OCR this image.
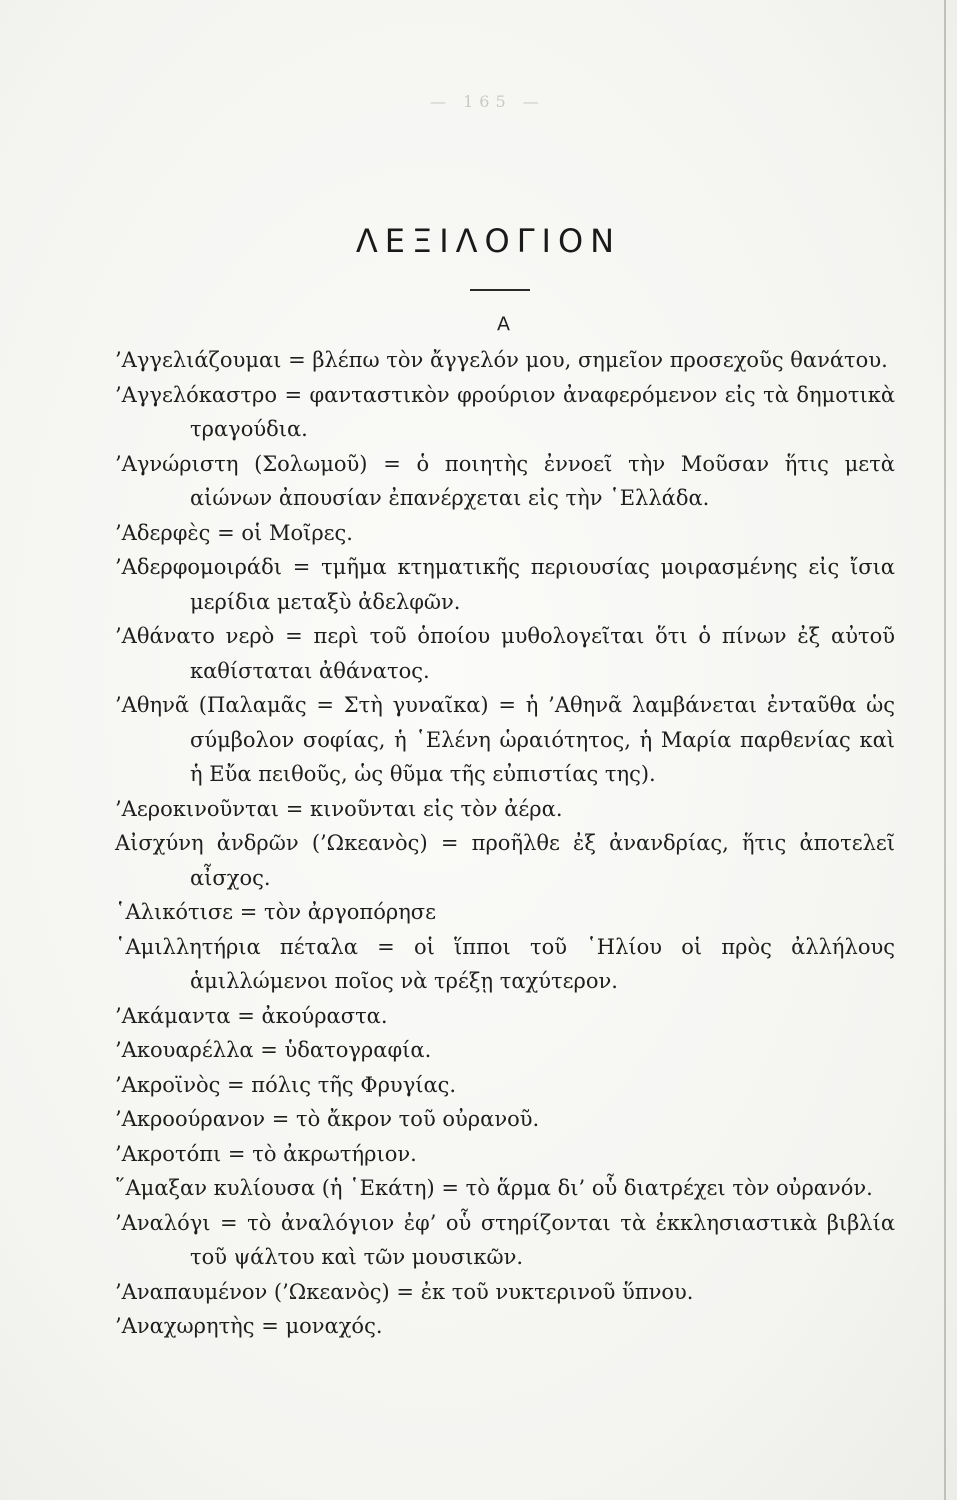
— 165 —
ΛΕΞΙΛΟΓΙΟΝ
Α
’Αγγελιάζουμαι = βλέπω τὸν ἄγγελόν μου, σημεῖον προσεχοῦς θανάτου.
’Αγγελόκαστρο = φανταστικὸν φρούριον ἀναφερόμενον εἰς τὰ δημοτικὰ τραγούδια.
’Αγνώριστη (Σολωμοῦ) = ὁ ποιητὴς ἐννοεῖ τὴν Μοῦσαν ἥτις μετὰ αἰώνων ἀπουσίαν ἐπανέρχεται εἰς τὴν ῾Ελλάδα.
’Αδερφὲς = οἱ Μοῖρες.
’Αδερφομοιράδι = τμῆμα κτηματικῆς περιουσίας μοιρασμένης εἰς ἴσια μερίδια μεταξὺ ἀδελφῶν.
’Αθάνατο νερὸ = περὶ τοῦ ὁποίου μυθολογεῖται ὅτι ὁ πίνων ἐξ αὐτοῦ καθίσταται ἀθάνατος.
’Αθηνᾶ (Παλαμᾶς = Στὴ γυναῖκα) = ἡ ’Αθηνᾶ λαμβάνεται ἐνταῦθα ὡς σύμβολον σοφίας, ἡ ῾Ελένη ὡραιότητος, ἡ Μαρία παρθενίας καὶ ἡ Εὔα πειθοῦς, ὡς θῦμα τῆς εὐπιστίας της).
’Αεροκινοῦνται = κινοῦνται εἰς τὸν ἀέρα.
Αἰσχύνη ἀνδρῶν (’Ωκεανὸς) = προῆλθε ἐξ ἀνανδρίας, ἥτις ἀποτελεῖ αἶσχος.
῾Αλικότισε = τὸν ἀργοπόρησε
῾Αμιλλητήρια πέταλα = οἱ ἵπποι τοῦ ῾Ηλίου οἱ πρὸς ἀλλήλους ἁμιλλώμενοι ποῖος νὰ τρέξῃ ταχύτερον.
’Ακάμαντα = ἀκούραστα.
’Ακουαρέλλα = ὑδατογραφία.
’Ακροϊνὸς = πόλις τῆς Φρυγίας.
’Ακροούρανον = τὸ ἄκρον τοῦ οὐρανοῦ.
’Ακροτόπι = τὸ ἀκρωτήριον.
῞Αμαξαν κυλίουσα (ἡ ῾Εκάτη) = τὸ ἅρμα δι’ οὗ διατρέχει τὸν οὐρανόν.
’Αναλόγι = τὸ ἀναλόγιον ἐφ’ οὗ στηρίζονται τὰ ἐκκλησιαστικὰ βιβλία τοῦ ψάλτου καὶ τῶν μουσικῶν.
’Αναπαυμένον (’Ωκεανὸς) = ἐκ τοῦ νυκτερινοῦ ὕπνου.
’Αναχωρητὴς = μοναχός.
